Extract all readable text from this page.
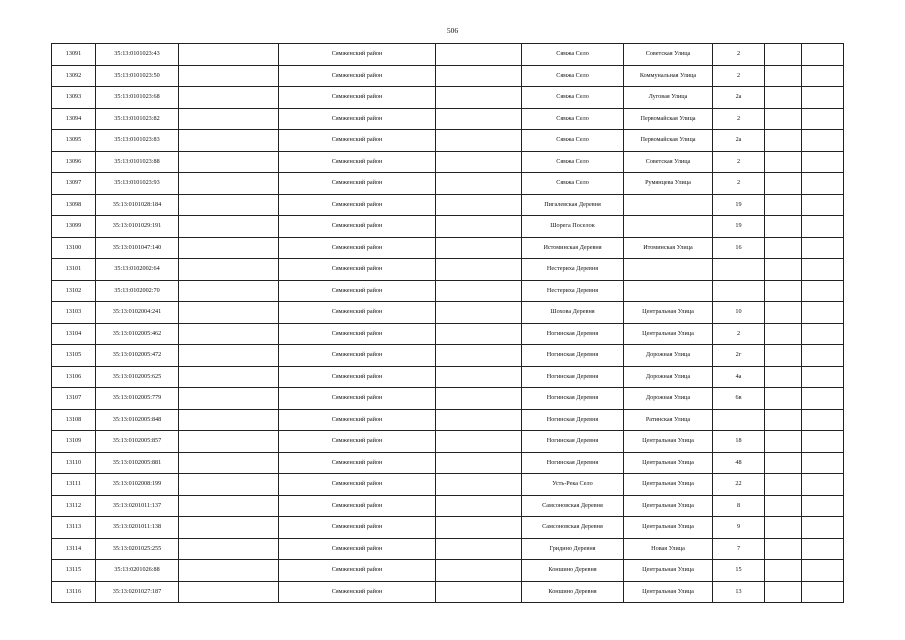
506
13091	35:13:0101023:43		Сямженский район		Сямжа Село	Советская Улица	2			
13092	35:13:0101023:50		Сямженский район		Сямжа Село	Коммунальная Улица	2			
13093	35:13:0101023:68		Сямженский район		Сямжа Село	Луговая Улица	2а			
13094	35:13:0101023:82		Сямженский район		Сямжа Село	Первомайская Улица	2			
13095	35:13:0101023:83		Сямженский район		Сямжа Село	Первомайская Улица	2а			
13096	35:13:0101023:88		Сямженский район		Сямжа Село	Советская Улица	2			
13097	35:13:0101023:93		Сямженский район		Сямжа Село	Румянцева Улица	2			
13098	35:13:0101028:184		Сямженский район		Пигалевская Деревня		19			
13099	35:13:0101029:191		Сямженский район		Шорега Поселок		19			
13100	35:13:0101047:140		Сямженский район		Истоминская Деревня	Итоминская Улица	16			
13101	35:13:0102002:64		Сямженский район		Нестериха Деревня					
13102	35:13:0102002:70		Сямженский район		Нестериха Деревня					
13103	35:13:0102004:241		Сямженский район		Шохова Деревня	Центральная Улица	10			
13104	35:13:0102005:462		Сямженский район		Ногинская Деревня	Центральная Улица	2			
13105	35:13:0102005:472		Сямженский район		Ногинская Деревня	Дорожная Улица	2г			
13106	35:13:0102005:625		Сямженский район		Ногинская Деревня	Дорожная Улица	4а			
13107	35:13:0102005:779		Сямженский район		Ногинская Деревня	Дорожная Улица	6в			
13108	35:13:0102005:848		Сямженский район		Ногинская Деревня	Ратинская Улица				
13109	35:13:0102005:857		Сямженский район		Ногинская Деревня	Центральная Улица	18			
13110	35:13:0102005:881		Сямженский район		Ногинская Деревня	Центральная Улица	48			
13111	35:13:0102008:199		Сямженский район		Усть-Река Село	Центральная Улица	22			
13112	35:13:0201011:137		Сямженский район		Самсоновская Деревня	Центральная Улица	8			
13113	35:13:0201011:138		Сямженский район		Самсоновская Деревня	Центральная Улица	9			
13114	35:13:0201025:255		Сямженский район		Гридино Деревня	Новая Улица	7			
13115	35:13:0201026:88		Сямженский район		Коншино Деревня	Центральная Улица	15			
13116	35:13:0201027:187		Сямженский район		Коншино Деревня	Центральная Улица	13			
